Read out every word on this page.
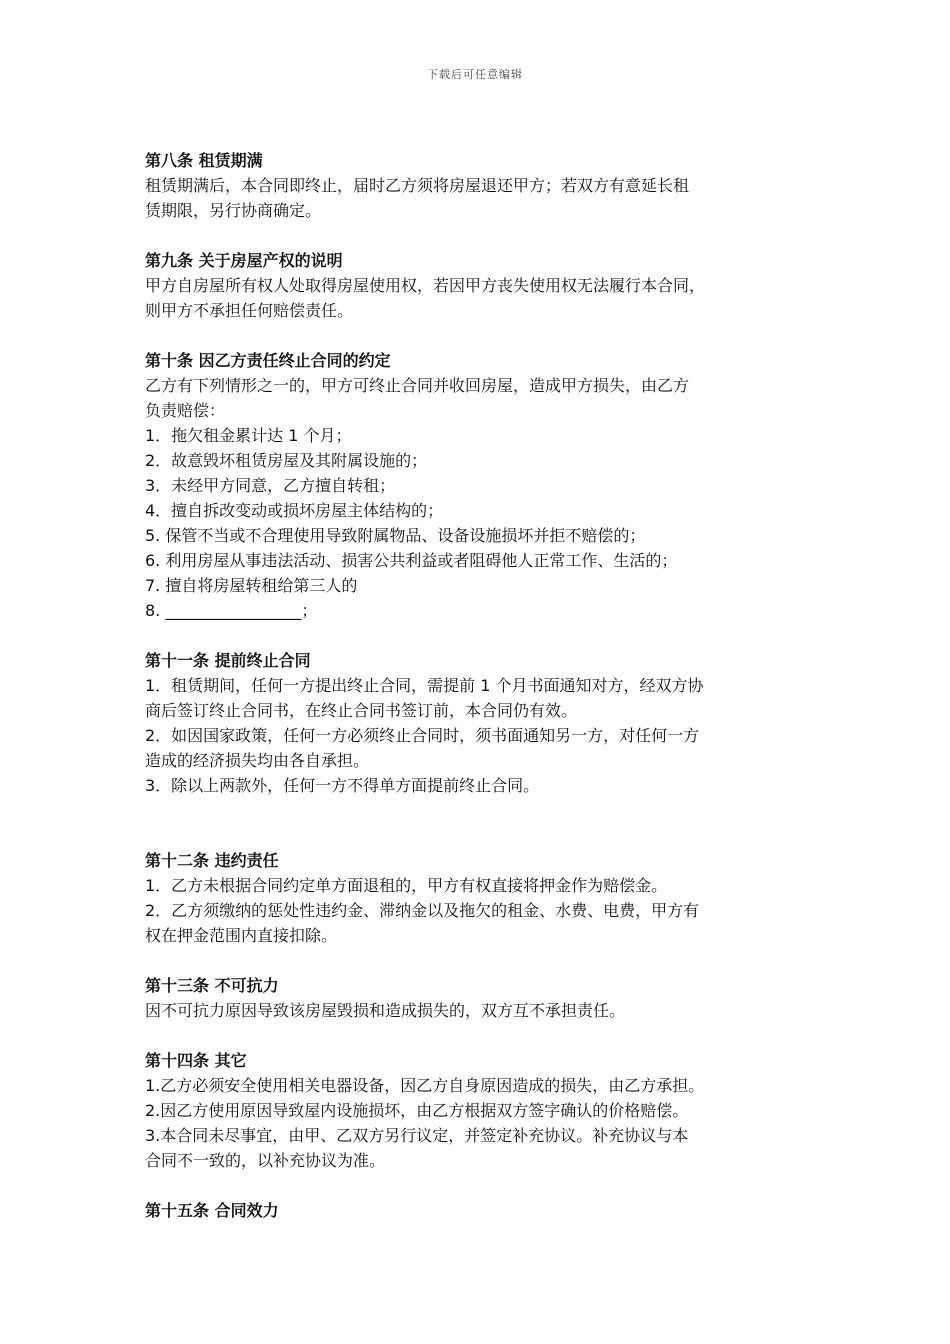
下载后可任意编辑

第八条 租赁期满

租赁期满后，本合同即终止，届时乙方须将房屋退还甲方；若双方有意延长租

赁期限，另行协商确定。

第九条 关于房屋产权的说明

甲方自房屋所有权人处取得房屋使用权，若因甲方丧失使用权无法履行本合同，

则甲方不承担任何赔偿责任。

第十条 因乙方责任终止合同的约定

乙方有下列情形之一的，甲方可终止合同并收回房屋，造成甲方损失，由乙方

负责赔偿：

1．拖欠租金累计达 1 个月；

2．故意毁坏租赁房屋及其附属设施的；

3．未经甲方同意，乙方擅自转租；

4．擅自拆改变动或损坏房屋主体结构的；

5. 保管不当或不合理使用导致附属物品、设备设施损坏并拒不赔偿的；

6. 利用房屋从事违法活动、损害公共利益或者阻碍他人正常工作、生活的；

7. 擅自将房屋转租给第三人的

8. _________________；

第十一条 提前终止合同

1．租赁期间，任何一方提出终止合同，需提前 1 个月书面通知对方，经双方协

商后签订终止合同书，在终止合同书签订前，本合同仍有效。

2．如因国家政策，任何一方必须终止合同时，须书面通知另一方，对任何一方

造成的经济损失均由各自承担。

3．除以上两款外，任何一方不得单方面提前终止合同。

第十二条 违约责任

1．乙方未根据合同约定单方面退租的，甲方有权直接将押金作为赔偿金。

2．乙方须缴纳的惩处性违约金、滞纳金以及拖欠的租金、水费、电费，甲方有

权在押金范围内直接扣除。

第十三条 不可抗力

因不可抗力原因导致该房屋毁损和造成损失的，双方互不承担责任。

第十四条 其它

1.乙方必须安全使用相关电器设备，因乙方自身原因造成的损失，由乙方承担。

2.因乙方使用原因导致屋内设施损坏，由乙方根据双方签字确认的价格赔偿。

3.本合同未尽事宜，由甲、乙双方另行议定，并签定补充协议。补充协议与本

合同不一致的，以补充协议为准。

第十五条 合同效力
